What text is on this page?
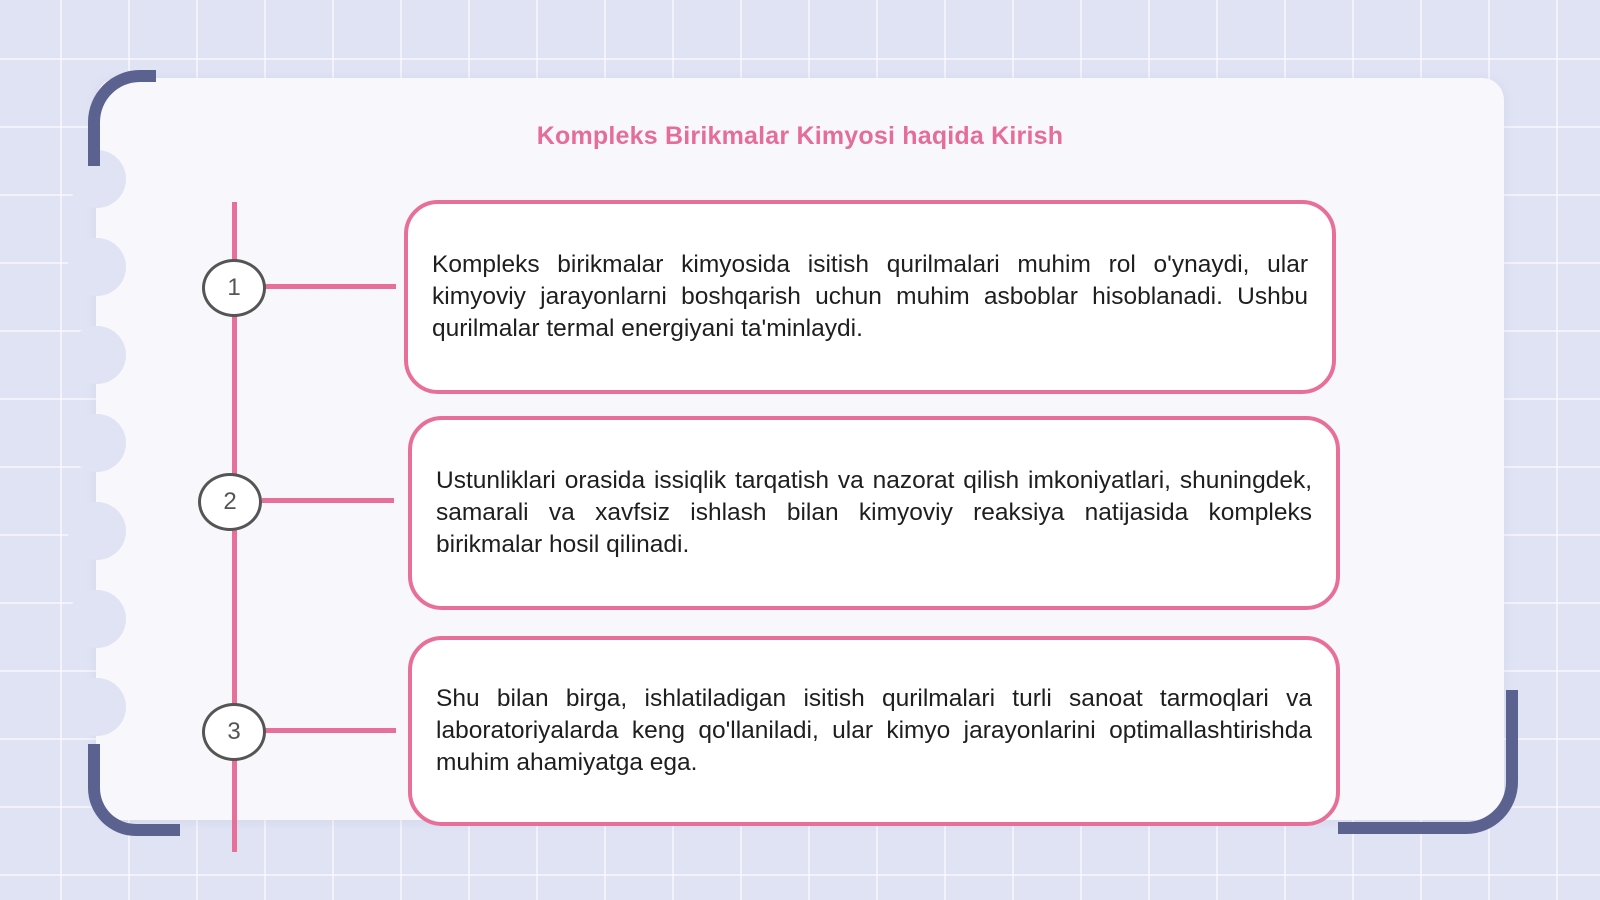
Kompleks Birikmalar Kimyosi haqida Kirish
1
2
3

Kompleks birikmalar kimyosida isitish qurilmalari muhim rol o'ynaydi, ular kimyoviy jarayonlarni boshqarish uchun muhim asboblar hisoblanadi. Ushbu qurilmalar termal energiyani ta'minlaydi.

Ustunliklari orasida issiqlik tarqatish va nazorat qilish imkoniyatlari, shuningdek, samarali va xavfsiz ishlash bilan kimyoviy reaksiya natijasida kompleks birikmalar hosil qilinadi.

Shu bilan birga, ishlatiladigan isitish qurilmalari turli sanoat tarmoqlari va laboratoriyalarda keng qo'llaniladi, ular kimyo jarayonlarini optimallashtirishda muhim ahamiyatga ega.
